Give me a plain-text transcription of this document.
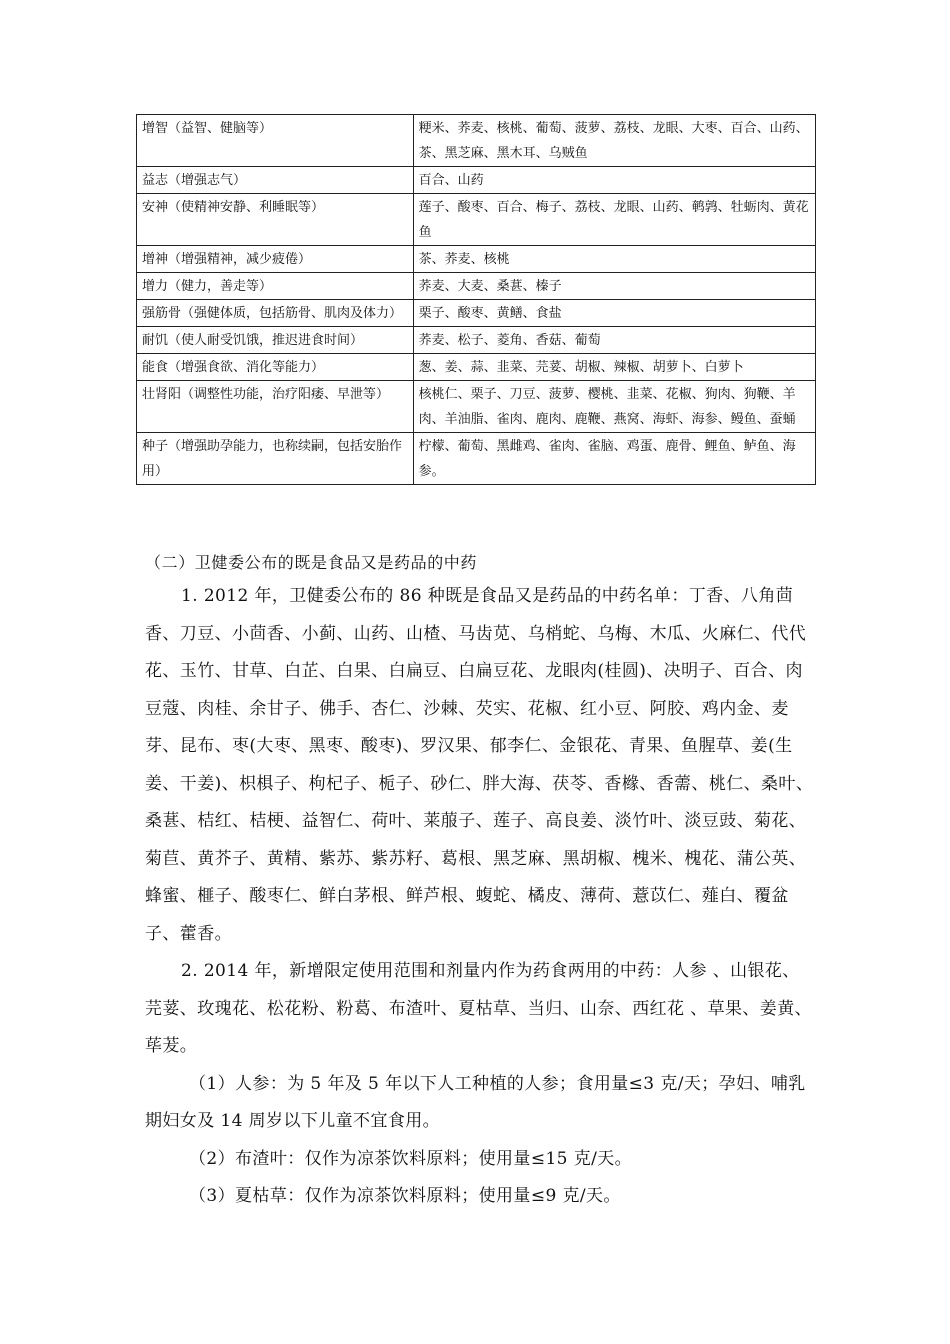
增智（益智、健脑等）	粳米、荞麦、核桃、葡萄、菠萝、荔枝、龙眼、大枣、百合、山药、茶、黑芝麻、黑木耳、乌贼鱼
益志（增强志气）	百合、山药
安神（使精神安静、利睡眠等）	莲子、酸枣、百合、梅子、荔枝、龙眼、山药、鹌鹑、牡蛎肉、黄花鱼
增神（增强精神，减少疲倦）	茶、荞麦、核桃
增力（健力，善走等）	荞麦、大麦、桑葚、榛子
强筋骨（强健体质，包括筋骨、肌肉及体力）	栗子、酸枣、黄鳝、食盐
耐饥（使人耐受饥饿，推迟进食时间）	荞麦、松子、菱角、香菇、葡萄
能食（增强食欲、消化等能力）	葱、姜、蒜、韭菜、芫荽、胡椒、辣椒、胡萝卜、白萝卜
壮肾阳（调整性功能，治疗阳痿、早泄等）	核桃仁、栗子、刀豆、菠萝、樱桃、韭菜、花椒、狗肉、狗鞭、羊肉、羊油脂、雀肉、鹿肉、鹿鞭、燕窝、海虾、海参、鳗鱼、蚕蛹
种子（增强助孕能力，也称续嗣，包括安胎作用）	柠檬、葡萄、黑雌鸡、雀肉、雀脑、鸡蛋、鹿骨、鲤鱼、鲈鱼、海参。
（二）卫健委公布的既是食品又是药品的中药

1. 2012 年，卫健委公布的 86 种既是食品又是药品的中药名单：丁香、八角茴香、刀豆、小茴香、小蓟、山药、山楂、马齿苋、乌梢蛇、乌梅、木瓜、火麻仁、代代花、玉竹、甘草、白芷、白果、白扁豆、白扁豆花、龙眼肉(桂圆)、决明子、百合、肉豆蔻、肉桂、余甘子、佛手、杏仁、沙棘、芡实、花椒、红小豆、阿胶、鸡内金、麦芽、昆布、枣(大枣、黑枣、酸枣)、罗汉果、郁李仁、金银花、青果、鱼腥草、姜(生姜、干姜)、枳椇子、枸杞子、栀子、砂仁、胖大海、茯苓、香橼、香薷、桃仁、桑叶、桑葚、桔红、桔梗、益智仁、荷叶、莱菔子、莲子、高良姜、淡竹叶、淡豆豉、菊花、菊苣、黄芥子、黄精、紫苏、紫苏籽、葛根、黑芝麻、黑胡椒、槐米、槐花、蒲公英、蜂蜜、榧子、酸枣仁、鲜白茅根、鲜芦根、蝮蛇、橘皮、薄荷、薏苡仁、薤白、覆盆子、藿香。

2. 2014 年，新增限定使用范围和剂量内作为药食两用的中药：人参 、山银花、芫荽、玫瑰花、松花粉、粉葛、布渣叶、夏枯草、当归、山奈、西红花 、草果、姜黄、荜茇。

（1）人参：为 5 年及 5 年以下人工种植的人参；食用量≤3 克/天；孕妇、哺乳期妇女及 14 周岁以下儿童不宜食用。

（2）布渣叶：仅作为凉茶饮料原料；使用量≤15 克/天。

（3）夏枯草：仅作为凉茶饮料原料；使用量≤9 克/天。
